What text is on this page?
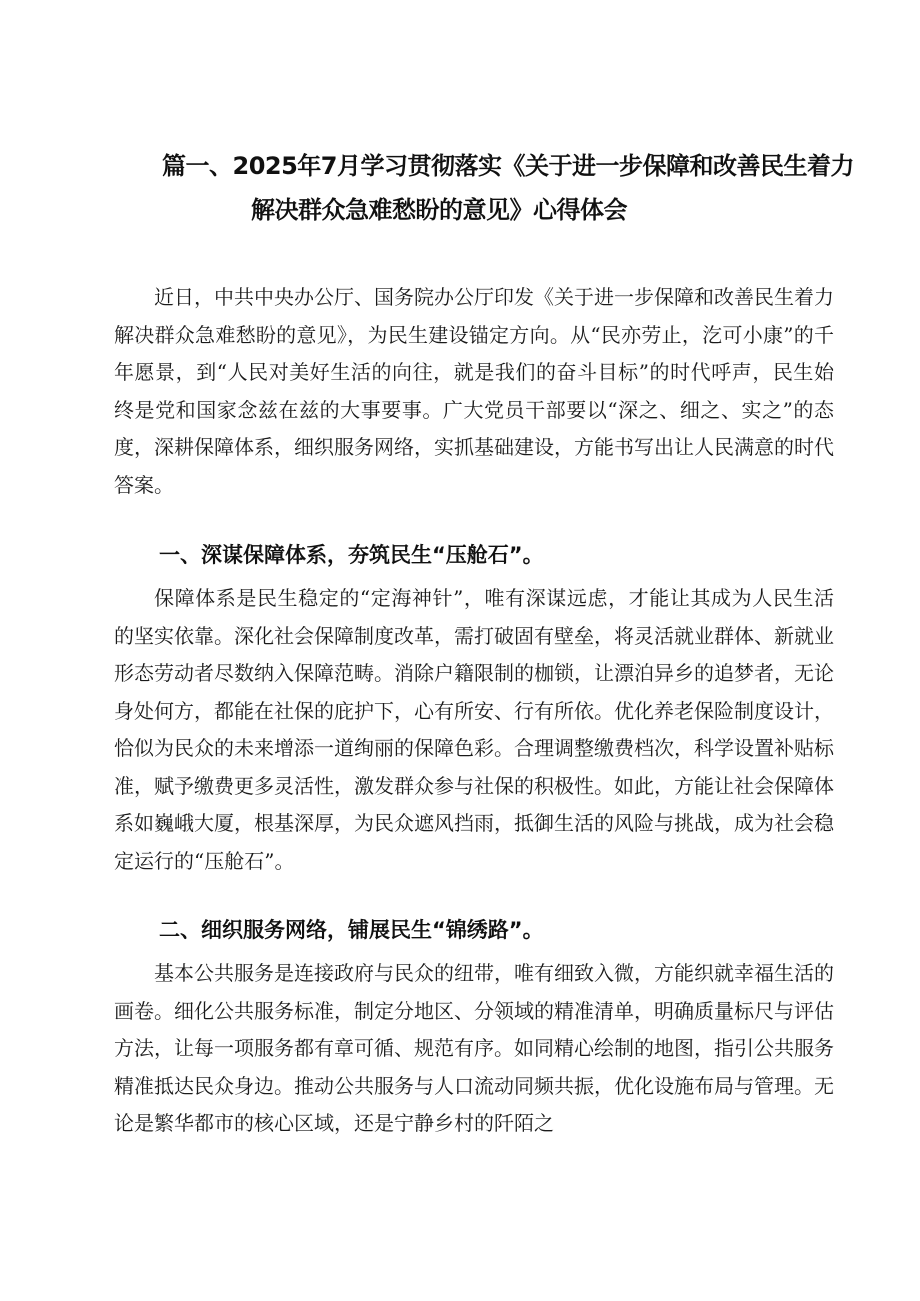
篇一、2025年7月学习贯彻落实《关于进一步保障和改善民生着力
解决群众急难愁盼的意见》心得体会

近日，中共中央办公厅、国务院办公厅印发《关于进一步保障和改善民生着力解决群众急难愁盼的意见》，为民生建设锚定方向。从“民亦劳止，汔可小康”的千年愿景，到“人民对美好生活的向往，就是我们的奋斗目标”的时代呼声，民生始终是党和国家念兹在兹的大事要事。广大党员干部要以“深之、细之、实之”的态度，深耕保障体系，细织服务网络，实抓基础建设，方能书写出让人民满意的时代答案。

一、深谋保障体系，夯筑民生“压舱石”。

保障体系是民生稳定的“定海神针”，唯有深谋远虑，才能让其成为人民生活的坚实依靠。深化社会保障制度改革，需打破固有壁垒，将灵活就业群体、新就业形态劳动者尽数纳入保障范畴。消除户籍限制的枷锁，让漂泊异乡的追梦者，无论身处何方，都能在社保的庇护下，心有所安、行有所依。优化养老保险制度设计，恰似为民众的未来增添一道绚丽的保障色彩。合理调整缴费档次，科学设置补贴标准，赋予缴费更多灵活性，激发群众参与社保的积极性。如此，方能让社会保障体系如巍峨大厦，根基深厚，为民众遮风挡雨，抵御生活的风险与挑战，成为社会稳定运行的“压舱石”。

二、细织服务网络，铺展民生“锦绣路”。

基本公共服务是连接政府与民众的纽带，唯有细致入微，方能织就幸福生活的画卷。细化公共服务标准，制定分地区、分领域的精准清单，明确质量标尺与评估方法，让每一项服务都有章可循、规范有序。如同精心绘制的地图，指引公共服务精准抵达民众身边。推动公共服务与人口流动同频共振，优化设施布局与管理。无论是繁华都市的核心区域，还是宁静乡村的阡陌之
